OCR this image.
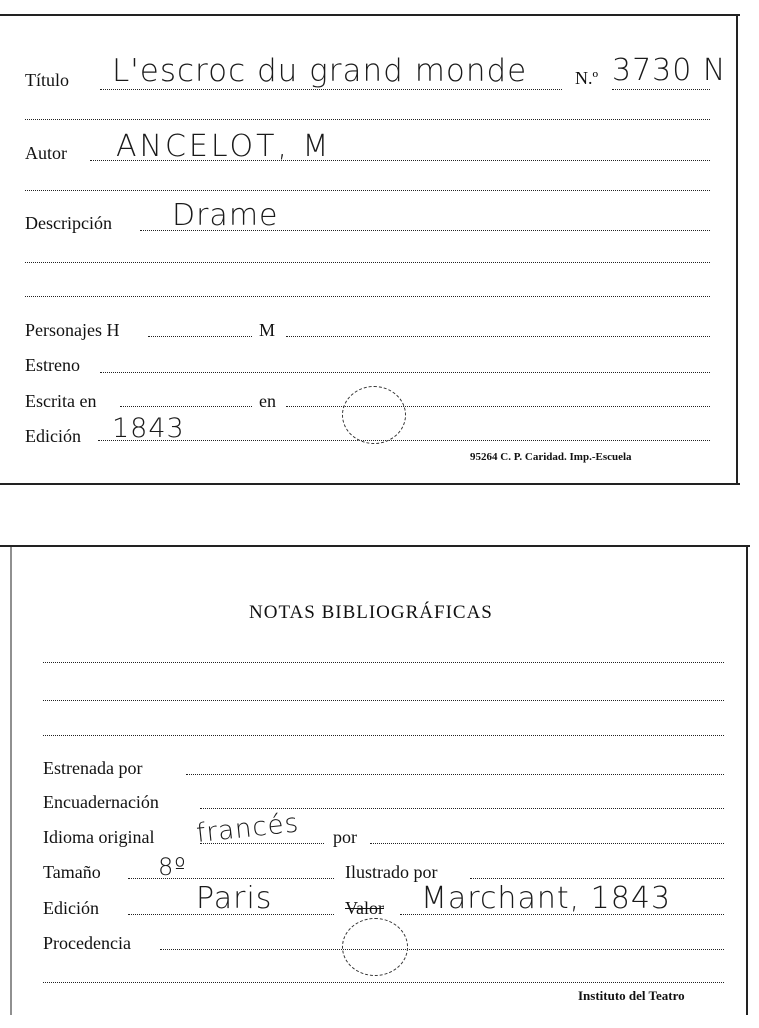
Título L'escroc du grand monde	N.º 3730 N
Autor ANCELOT, M
Descripción Drame
Personajes H	M
Estreno
Escrita en	en
Edición 1843
95264 C. P. Caridad. Imp.-Escuela
NOTAS BIBLIOGRÁFICAS
Estrenada por
Encuadernación
Idioma original francés por
Tamaño 8º	Ilustrado por
Edición	Paris	Valor Marchant, 1843
Procedencia
Instituto del Teatro
